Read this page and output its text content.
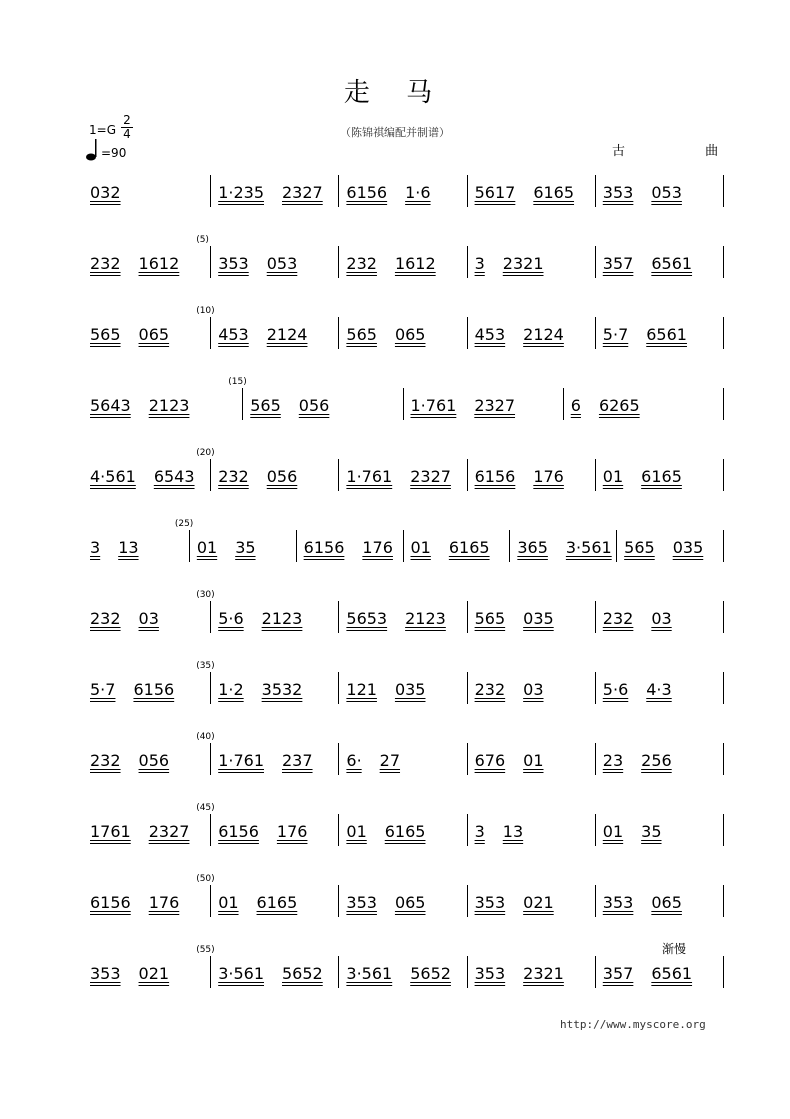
走 马
（陈锦祺编配并制谱）
1=G
2
4
=90	古 曲
渐慢
032	1·235 2327	6156 1·6	5617 6165	353 053
232 1612	353 053	232 1612	3 2321	357 6561
(5)
565 065	453 2124	565 065	453 2124	5·7 6561
(10)
5643 2123	565 056	1·761 2327	6 6265
(15)
4·561 6543	232 056	1·761 2327	6156 176	01 6165
(20)
3 13	01 35	6156 176	01 6165	365 3·561 565 035
(25)
232 03	5·6 2123	5653 2123	565 035	232 03
(30)
5·7 6156	1·2 3532	121 035	232 03	5·6 4·3
(35)
232 056	1·761 237	6· 27	676 01	23 256
(40)
1761 2327	6156 176	01 6165	3 13	01 35
(45)
6156 176	01 6165	353 065	353 021	353 065
(50)
353 021	3·561 5652	3·561 5652	353 2321	357 6561
(55)
http://www.myscore.org
